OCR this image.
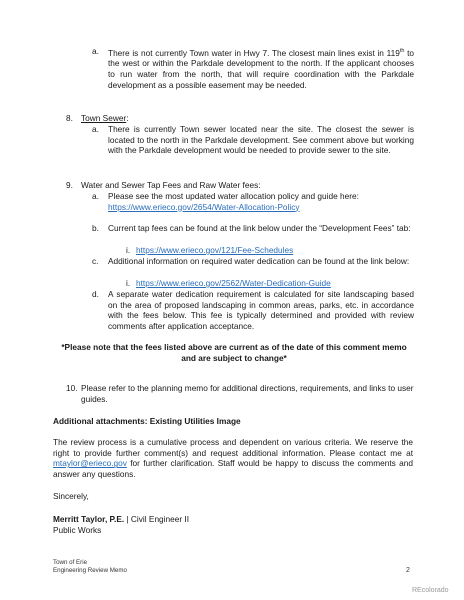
a. There is not currently Town water in Hwy 7. The closest main lines exist in 119th to the west or within the Parkdale development to the north. If the applicant chooses to run water from the north, that will require coordination with the Parkdale development as a possible easement may be needed.
8. Town Sewer:
a. There is currently Town sewer located near the site. The closest the sewer is located to the north in the Parkdale development. See comment above but working with the Parkdale development would be needed to provide sewer to the site.
9. Water and Sewer Tap Fees and Raw Water fees:
a. Please see the most updated water allocation policy and guide here:
https://www.erieco.gov/2654/Water-Allocation-Policy
b. Current tap fees can be found at the link below under the “Development Fees” tab:
i. https://www.erieco.gov/121/Fee-Schedules
c. Additional information on required water dedication can be found at the link below:
i. https://www.erieco.gov/2562/Water-Dedication-Guide
d. A separate water dedication requirement is calculated for site landscaping based on the area of proposed landscaping in common areas, parks, etc. in accordance with the fees below. This fee is typically determined and provided with review comments after application acceptance.
*Please note that the fees listed above are current as of the date of this comment memo and are subject to change*
10. Please refer to the planning memo for additional directions, requirements, and links to user guides.
Additional attachments: Existing Utilities Image
The review process is a cumulative process and dependent on various criteria. We reserve the right to provide further comment(s) and request additional information. Please contact me at mtaylor@erieco.gov for further clarification. Staff would be happy to discuss the comments and answer any questions.
Sincerely,
Merritt Taylor, P.E. | Civil Engineer II
Public Works
Town of Erie
Engineering Review Memo	2
REcolorado
